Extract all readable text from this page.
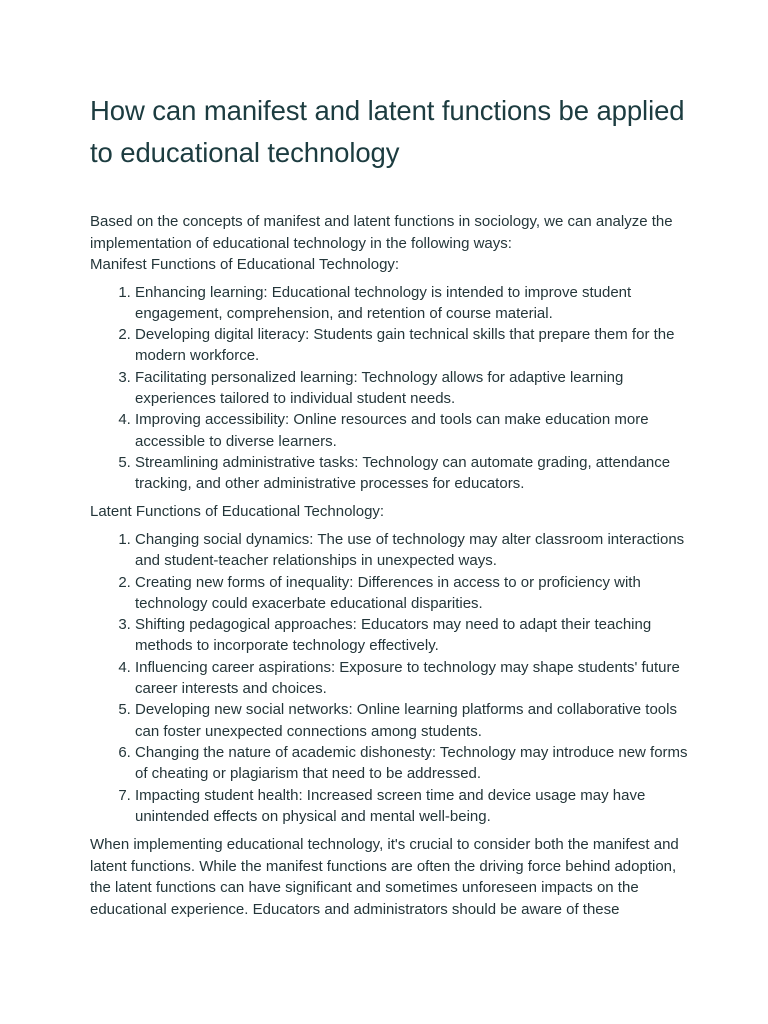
How can manifest and latent functions be applied to educational technology

Based on the concepts of manifest and latent functions in sociology, we can analyze the implementation of educational technology in the following ways:

Manifest Functions of Educational Technology:

1. Enhancing learning: Educational technology is intended to improve student engagement, comprehension, and retention of course material.
2. Developing digital literacy: Students gain technical skills that prepare them for the modern workforce.
3. Facilitating personalized learning: Technology allows for adaptive learning experiences tailored to individual student needs.
4. Improving accessibility: Online resources and tools can make education more accessible to diverse learners.
5. Streamlining administrative tasks: Technology can automate grading, attendance tracking, and other administrative processes for educators.

Latent Functions of Educational Technology:

1. Changing social dynamics: The use of technology may alter classroom interactions and student-teacher relationships in unexpected ways.
2. Creating new forms of inequality: Differences in access to or proficiency with technology could exacerbate educational disparities.
3. Shifting pedagogical approaches: Educators may need to adapt their teaching methods to incorporate technology effectively.
4. Influencing career aspirations: Exposure to technology may shape students' future career interests and choices.
5. Developing new social networks: Online learning platforms and collaborative tools can foster unexpected connections among students.
6. Changing the nature of academic dishonesty: Technology may introduce new forms of cheating or plagiarism that need to be addressed.
7. Impacting student health: Increased screen time and device usage may have unintended effects on physical and mental well-being.

When implementing educational technology, it's crucial to consider both the manifest and latent functions. While the manifest functions are often the driving force behind adoption, the latent functions can have significant and sometimes unforeseen impacts on the educational experience. Educators and administrators should be aware of these
